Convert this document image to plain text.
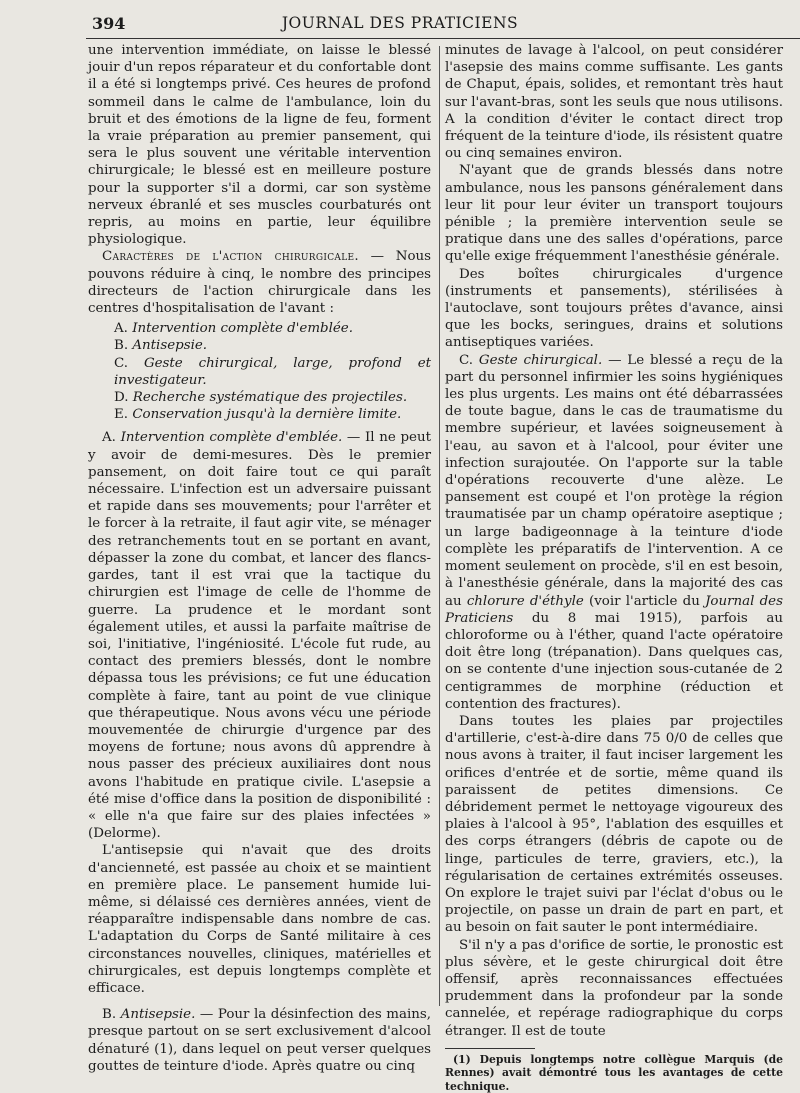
394	JOURNAL DES PRATICIENS

une intervention immédiate, on laisse le blessé jouir d'un repos réparateur et du confortable dont il a été si longtemps privé. Ces heures de profond sommeil dans le calme de l'ambulance, loin du bruit et des émotions de la ligne de feu, forment la vraie préparation au premier pansement, qui sera le plus souvent une véritable intervention chirurgicale; le blessé est en meilleure posture pour la supporter s'il a dormi, car son système nerveux ébranlé et ses muscles courbaturés ont repris, au moins en partie, leur équilibre physiologique.

Caractères de l'action chirurgicale. — Nous pouvons réduire à cinq, le nombre des principes directeurs de l'action chirurgicale dans les centres d'hospitalisation de l'avant :

A. Intervention complète d'emblée.
B. Antisepsie.
C. Geste chirurgical, large, profond et investigateur.
D. Recherche systématique des projectiles.
E. Conservation jusqu'à la dernière limite.

A. Intervention complète d'emblée. — Il ne peut y avoir de demi-mesures. Dès le premier pansement, on doit faire tout ce qui paraît nécessaire. L'infection est un adversaire puissant et rapide dans ses mouvements; pour l'arrêter et le forcer à la retraite, il faut agir vite, se ménager des retranchements tout en se portant en avant, dépasser la zone du combat, et lancer des flancs-gardes, tant il est vrai que la tactique du chirurgien est l'image de celle de l'homme de guerre. La prudence et le mordant sont également utiles, et aussi la parfaite maîtrise de soi, l'initiative, l'ingéniosité. L'école fut rude, au contact des premiers blessés, dont le nombre dépassa tous les prévisions; ce fut une éducation complète à faire, tant au point de vue clinique que thérapeutique. Nous avons vécu une période mouvementée de chirurgie d'urgence par des moyens de fortune; nous avons dû apprendre à nous passer des précieux auxiliaires dont nous avons l'habitude en pratique civile. L'asepsie a été mise d'office dans la position de disponibilité : « elle n'a que faire sur des plaies infectées » (Delorme).

L'antisepsie qui n'avait que des droits d'ancienneté, est passée au choix et se maintient en première place. Le pansement humide lui-même, si délaissé ces dernières années, vient de réapparaître indispensable dans nombre de cas. L'adaptation du Corps de Santé militaire à ces circonstances nouvelles, cliniques, matérielles et chirurgicales, est depuis longtemps complète et efficace.

B. Antisepsie. — Pour la désinfection des mains, presque partout on se sert exclusivement d'alcool dénaturé (1), dans lequel on peut verser quelques gouttes de teinture d'iode. Après quatre ou cinq

minutes de lavage à l'alcool, on peut considérer l'asepsie des mains comme suffisante. Les gants de Chaput, épais, solides, et remontant très haut sur l'avant-bras, sont les seuls que nous utilisons. A la condition d'éviter le contact direct trop fréquent de la teinture d'iode, ils résistent quatre ou cinq semaines environ.

N'ayant que de grands blessés dans notre ambulance, nous les pansons généralement dans leur lit pour leur éviter un transport toujours pénible ; la première intervention seule se pratique dans une des salles d'opérations, parce qu'elle exige fréquemment l'anesthésie générale.

Des boîtes chirurgicales d'urgence (instruments et pansements), stérilisées à l'autoclave, sont toujours prêtes d'avance, ainsi que les bocks, seringues, drains et solutions antiseptiques variées.

C. Geste chirurgical. — Le blessé a reçu de la part du personnel infirmier les soins hygiéniques les plus urgents. Les mains ont été débarrassées de toute bague, dans le cas de traumatisme du membre supérieur, et lavées soigneusement à l'eau, au savon et à l'alcool, pour éviter une infection surajoutée. On l'apporte sur la table d'opérations recouverte d'une alèze. Le pansement est coupé et l'on protège la région traumatisée par un champ opératoire aseptique ; un large badigeonnage à la teinture d'iode complète les préparatifs de l'intervention. A ce moment seulement on procède, s'il en est besoin, à l'anesthésie générale, dans la majorité des cas au chlorure d'éthyle (voir l'article du Journal des Praticiens du 8 mai 1915), parfois au chloroforme ou à l'éther, quand l'acte opératoire doit être long (trépanation). Dans quelques cas, on se contente d'une injection sous-cutanée de 2 centigrammes de morphine (réduction et contention des fractures).

Dans toutes les plaies par projectiles d'artillerie, c'est-à-dire dans 75 0/0 de celles que nous avons à traiter, il faut inciser largement les orifices d'entrée et de sortie, même quand ils paraissent de petites dimensions. Ce débridement permet le nettoyage vigoureux des plaies à l'alcool à 95°, l'ablation des esquilles et des corps étrangers (débris de capote ou de linge, particules de terre, graviers, etc.), la régularisation de certaines extrémités osseuses. On explore le trajet suivi par l'éclat d'obus ou le projectile, on passe un drain de part en part, et au besoin on fait sauter le pont intermédiaire.

S'il n'y a pas d'orifice de sortie, le pronostic est plus sévère, et le geste chirurgical doit être offensif, après reconnaissances effectuées prudemment dans la profondeur par la sonde cannelée, et repérage radiographique du corps étranger. Il est de toute

(1) Depuis longtemps notre collègue Marquis (de Rennes) avait démontré tous les avantages de cette technique.
